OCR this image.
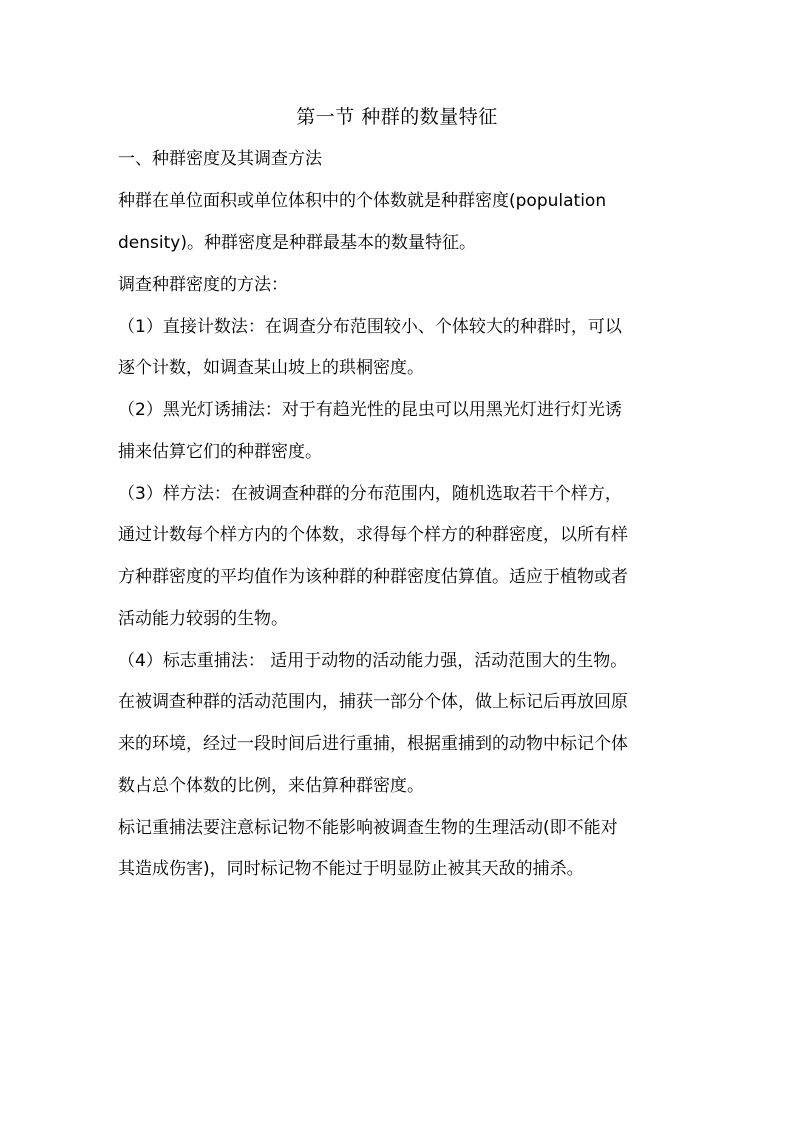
第一节 种群的数量特征
一、种群密度及其调查方法
种群在单位面积或单位体积中的个体数就是种群密度(population
density)。种群密度是种群最基本的数量特征。
调查种群密度的方法：
（1）直接计数法：在调查分布范围较小、个体较大的种群时，可以
逐个计数，如调查某山坡上的珙桐密度。
（2）黑光灯诱捕法：对于有趋光性的昆虫可以用黑光灯进行灯光诱
捕来估算它们的种群密度。
（3）样方法：在被调查种群的分布范围内，随机选取若干个样方，
通过计数每个样方内的个体数，求得每个样方的种群密度，以所有样
方种群密度的平均值作为该种群的种群密度估算值。适应于植物或者
活动能力较弱的生物。
（4）标志重捕法： 适用于动物的活动能力强，活动范围大的生物。
在被调查种群的活动范围内，捕获一部分个体，做上标记后再放回原
来的环境，经过一段时间后进行重捕，根据重捕到的动物中标记个体
数占总个体数的比例，来估算种群密度。
标记重捕法要注意标记物不能影响被调查生物的生理活动(即不能对
其造成伤害)，同时标记物不能过于明显防止被其天敌的捕杀。
